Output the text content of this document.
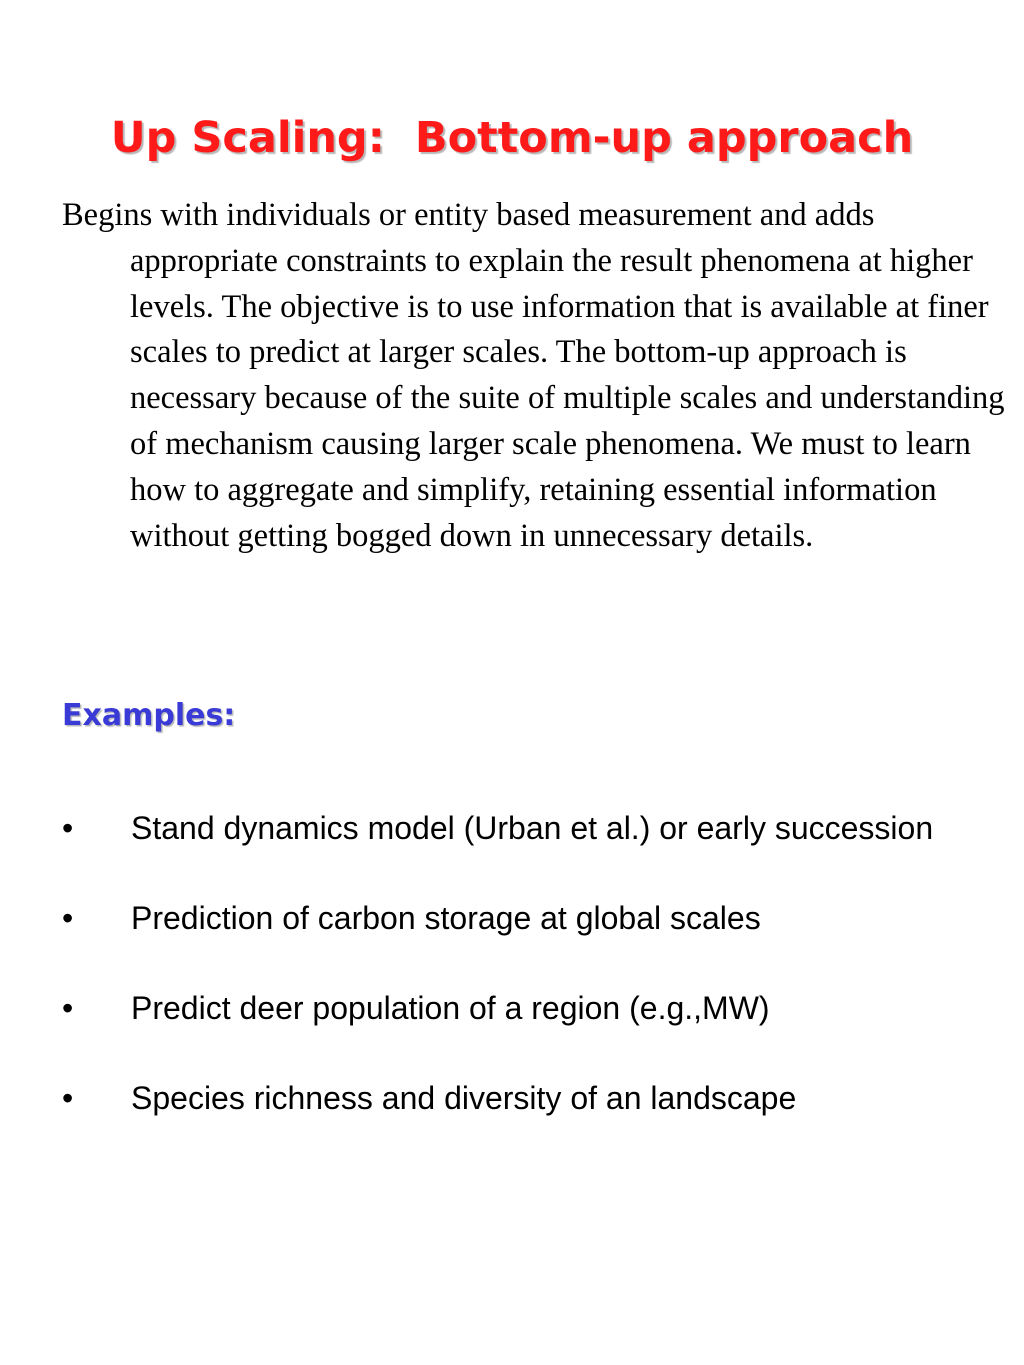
Up Scaling:  Bottom-up approach

Begins with individuals or entity based measurement and adds appropriate constraints to explain the result phenomena at higher levels. The objective is to use information that is available at finer scales to predict at larger scales. The bottom-up approach is necessary because of the suite of multiple scales and understanding of mechanism causing larger scale phenomena. We must to learn how to aggregate and simplify, retaining essential information without getting bogged down in unnecessary details.

Examples:
• Stand dynamics model (Urban et al.) or early succession
• Prediction of carbon storage at global scales
• Predict deer population of a region (e.g.,MW)
• Species richness and diversity of an landscape
